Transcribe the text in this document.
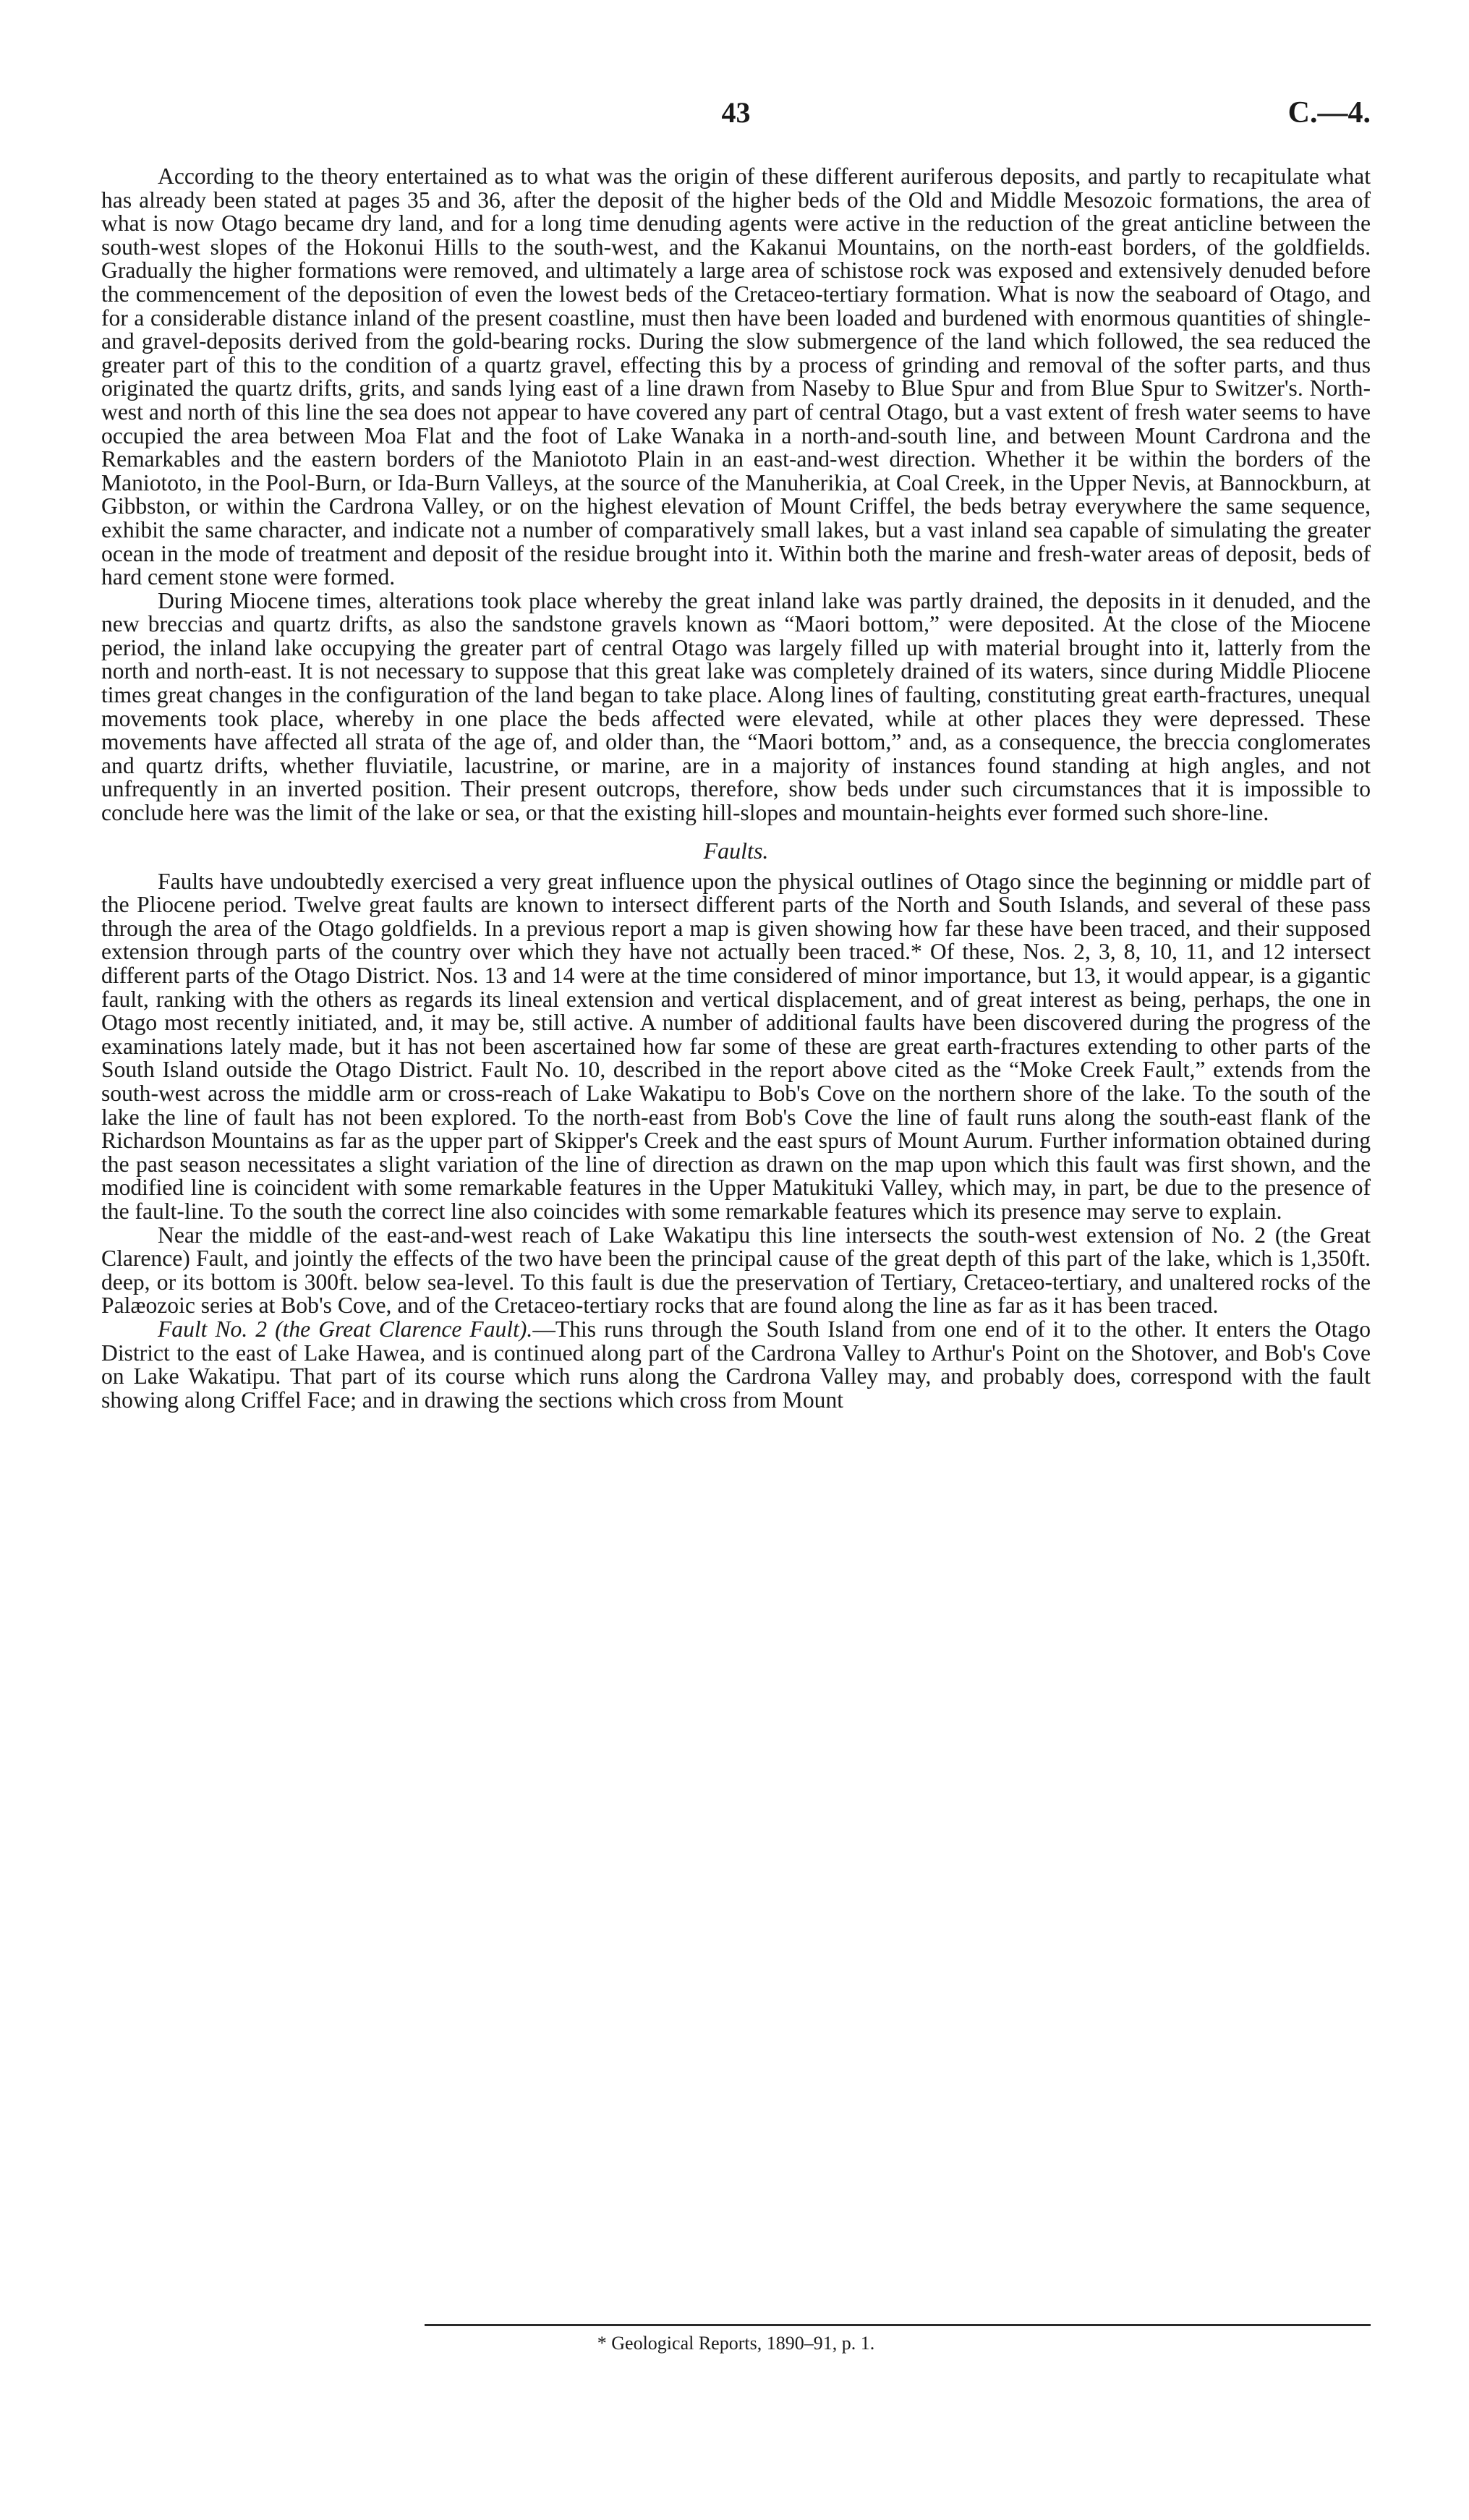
43	C.—4.

According to the theory entertained as to what was the origin of these different auriferous deposits, and partly to recapitulate what has already been stated at pages 35 and 36, after the deposit of the higher beds of the Old and Middle Mesozoic formations, the area of what is now Otago became dry land, and for a long time denuding agents were active in the reduction of the great anticline between the south-west slopes of the Hokonui Hills to the south-west, and the Kakanui Mountains, on the north-east borders, of the goldfields. Gradually the higher formations were removed, and ultimately a large area of schistose rock was exposed and extensively denuded before the commencement of the deposition of even the lowest beds of the Cretaceo-tertiary formation. What is now the seaboard of Otago, and for a considerable distance inland of the present coastline, must then have been loaded and burdened with enormous quantities of shingle- and gravel-deposits derived from the gold-bearing rocks. During the slow submergence of the land which followed, the sea reduced the greater part of this to the condition of a quartz gravel, effecting this by a process of grinding and removal of the softer parts, and thus originated the quartz drifts, grits, and sands lying east of a line drawn from Naseby to Blue Spur and from Blue Spur to Switzer's. North-west and north of this line the sea does not appear to have covered any part of central Otago, but a vast extent of fresh water seems to have occupied the area between Moa Flat and the foot of Lake Wanaka in a north-and-south line, and between Mount Cardrona and the Remarkables and the eastern borders of the Maniototo Plain in an east-and-west direction. Whether it be within the borders of the Maniototo, in the Pool-Burn, or Ida-Burn Valleys, at the source of the Manuherikia, at Coal Creek, in the Upper Nevis, at Bannockburn, at Gibbston, or within the Cardrona Valley, or on the highest elevation of Mount Criffel, the beds betray everywhere the same sequence, exhibit the same character, and indicate not a number of comparatively small lakes, but a vast inland sea capable of simulating the greater ocean in the mode of treatment and deposit of the residue brought into it. Within both the marine and fresh-water areas of deposit, beds of hard cement stone were formed.

During Miocene times, alterations took place whereby the great inland lake was partly drained, the deposits in it denuded, and the new breccias and quartz drifts, as also the sandstone gravels known as “Maori bottom,” were deposited. At the close of the Miocene period, the inland lake occupying the greater part of central Otago was largely filled up with material brought into it, latterly from the north and north-east. It is not necessary to suppose that this great lake was completely drained of its waters, since during Middle Pliocene times great changes in the configuration of the land began to take place. Along lines of faulting, constituting great earth-fractures, unequal movements took place, whereby in one place the beds affected were elevated, while at other places they were depressed. These movements have affected all strata of the age of, and older than, the “Maori bottom,” and, as a consequence, the breccia conglomerates and quartz drifts, whether fluviatile, lacustrine, or marine, are in a majority of instances found standing at high angles, and not unfrequently in an inverted position. Their present outcrops, therefore, show beds under such circumstances that it is impossible to conclude here was the limit of the lake or sea, or that the existing hill-slopes and mountain-heights ever formed such shore-line.

Faults.

Faults have undoubtedly exercised a very great influence upon the physical outlines of Otago since the beginning or middle part of the Pliocene period. Twelve great faults are known to intersect different parts of the North and South Islands, and several of these pass through the area of the Otago goldfields. In a previous report a map is given showing how far these have been traced, and their supposed extension through parts of the country over which they have not actually been traced.* Of these, Nos. 2, 3, 8, 10, 11, and 12 intersect different parts of the Otago District. Nos. 13 and 14 were at the time considered of minor importance, but 13, it would appear, is a gigantic fault, ranking with the others as regards its lineal extension and vertical displacement, and of great interest as being, perhaps, the one in Otago most recently initiated, and, it may be, still active. A number of additional faults have been discovered during the progress of the examinations lately made, but it has not been ascertained how far some of these are great earth-fractures extending to other parts of the South Island outside the Otago District. Fault No. 10, described in the report above cited as the “Moke Creek Fault,” extends from the south-west across the middle arm or cross-reach of Lake Wakatipu to Bob's Cove on the northern shore of the lake. To the south of the lake the line of fault has not been explored. To the north-east from Bob's Cove the line of fault runs along the south-east flank of the Richardson Mountains as far as the upper part of Skipper's Creek and the east spurs of Mount Aurum. Further information obtained during the past season necessitates a slight variation of the line of direction as drawn on the map upon which this fault was first shown, and the modified line is coincident with some remarkable features in the Upper Matukituki Valley, which may, in part, be due to the presence of the fault-line. To the south the correct line also coincides with some remarkable features which its presence may serve to explain.

Near the middle of the east-and-west reach of Lake Wakatipu this line intersects the south-west extension of No. 2 (the Great Clarence) Fault, and jointly the effects of the two have been the principal cause of the great depth of this part of the lake, which is 1,350ft. deep, or its bottom is 300ft. below sea-level. To this fault is due the preservation of Tertiary, Cretaceo-tertiary, and unaltered rocks of the Palæozoic series at Bob's Cove, and of the Cretaceo-tertiary rocks that are found along the line as far as it has been traced.

Fault No. 2 (the Great Clarence Fault).—This runs through the South Island from one end of it to the other. It enters the Otago District to the east of Lake Hawea, and is continued along part of the Cardrona Valley to Arthur's Point on the Shotover, and Bob's Cove on Lake Wakatipu. That part of its course which runs along the Cardrona Valley may, and probably does, correspond with the fault showing along Criffel Face; and in drawing the sections which cross from Mount

* Geological Reports, 1890–91, p. 1.
